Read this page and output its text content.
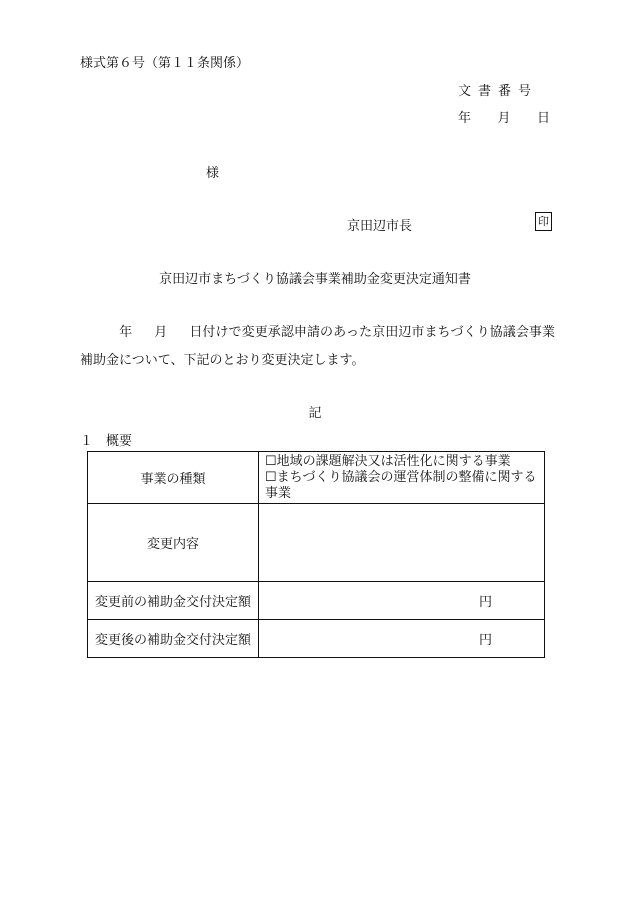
様式第６号（第１１条関係）
文書番号
年 月 日
様
京田辺市長	印
京田辺市まちづくり協議会事業補助金変更決定通知書
年 月 日付けで変更承認申請のあった京田辺市まちづくり協議会事業補助金について、下記のとおり変更決定します。
記
１　概要
事業の種類	☐地域の課題解決又は活性化に関する事業
☐まちづくり協議会の運営体制の整備に関する事業

変更内容	
変更前の補助金交付決定額	円
変更後の補助金交付決定額	円
